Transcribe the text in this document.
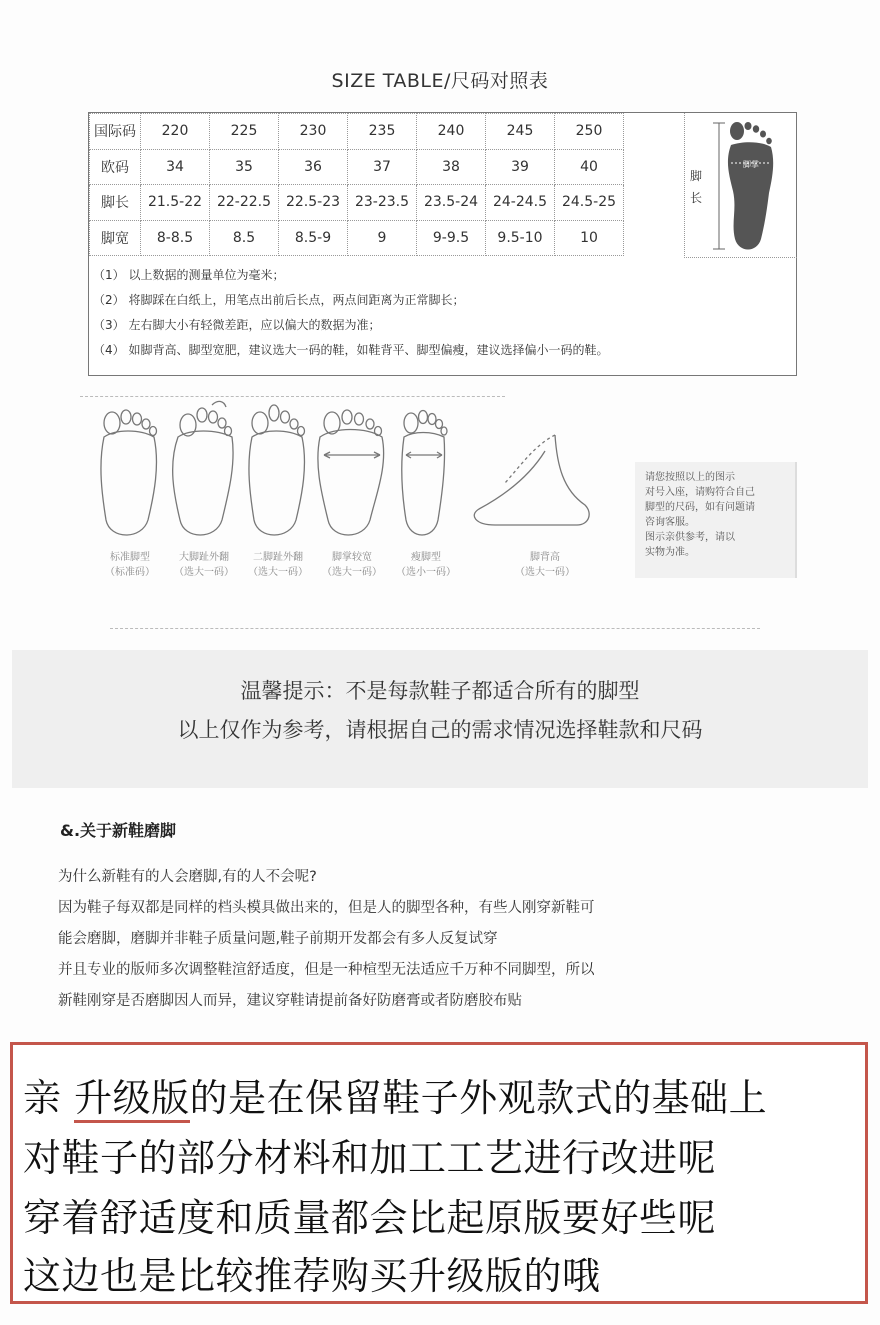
SIZE TABLE/尺码对照表
国际码	220	225	230	235	240	245	250
欧码	34	35	36	37	38	39	40
脚长	21.5-22	22-22.5	22.5-23	23-23.5	23.5-24	24-24.5	24.5-25
脚宽	8-8.5	8.5	8.5-9	9	9-9.5	9.5-10	10
脚掌
脚长
（1） 以上数据的测量单位为毫米；
（2） 将脚踩在白纸上，用笔点出前后长点，两点间距离为正常脚长；
（3） 左右脚大小有轻微差距，应以偏大的数据为准；
（4） 如脚背高、脚型宽肥，建议选大一码的鞋，如鞋背平、脚型偏瘦，建议选择偏小一码的鞋。
标准脚型
（标准码）
大脚趾外翻
（选大一码）
二脚趾外翻
（选大一码）
脚掌较宽
（选大一码）
瘦脚型
（选小一码）
脚背高
（选大一码）
请您按照以上的图示
对号入座，请购符合自己
脚型的尺码，如有问题请
咨询客服。
图示亲供参考，请以
实物为准。
温馨提示：不是每款鞋子都适合所有的脚型
以上仅作为参考，请根据自己的需求情况选择鞋款和尺码
&.关于新鞋磨脚
为什么新鞋有的人会磨脚,有的人不会呢?
因为鞋子每双都是同样的档头模具做出来的，但是人的脚型各种，有些人刚穿新鞋可
能会磨脚，磨脚并非鞋子质量问题,鞋子前期开发都会有多人反复试穿
并且专业的版师多次调整鞋渲舒适度，但是一种楦型无法适应千万种不同脚型，所以
新鞋刚穿是否磨脚因人而异，建议穿鞋请提前备好防磨膏或者防磨胶布贴
亲 升级版的是在保留鞋子外观款式的基础上
对鞋子的部分材料和加工工艺进行改进呢
穿着舒适度和质量都会比起原版要好些呢
这边也是比较推荐购买升级版的哦
